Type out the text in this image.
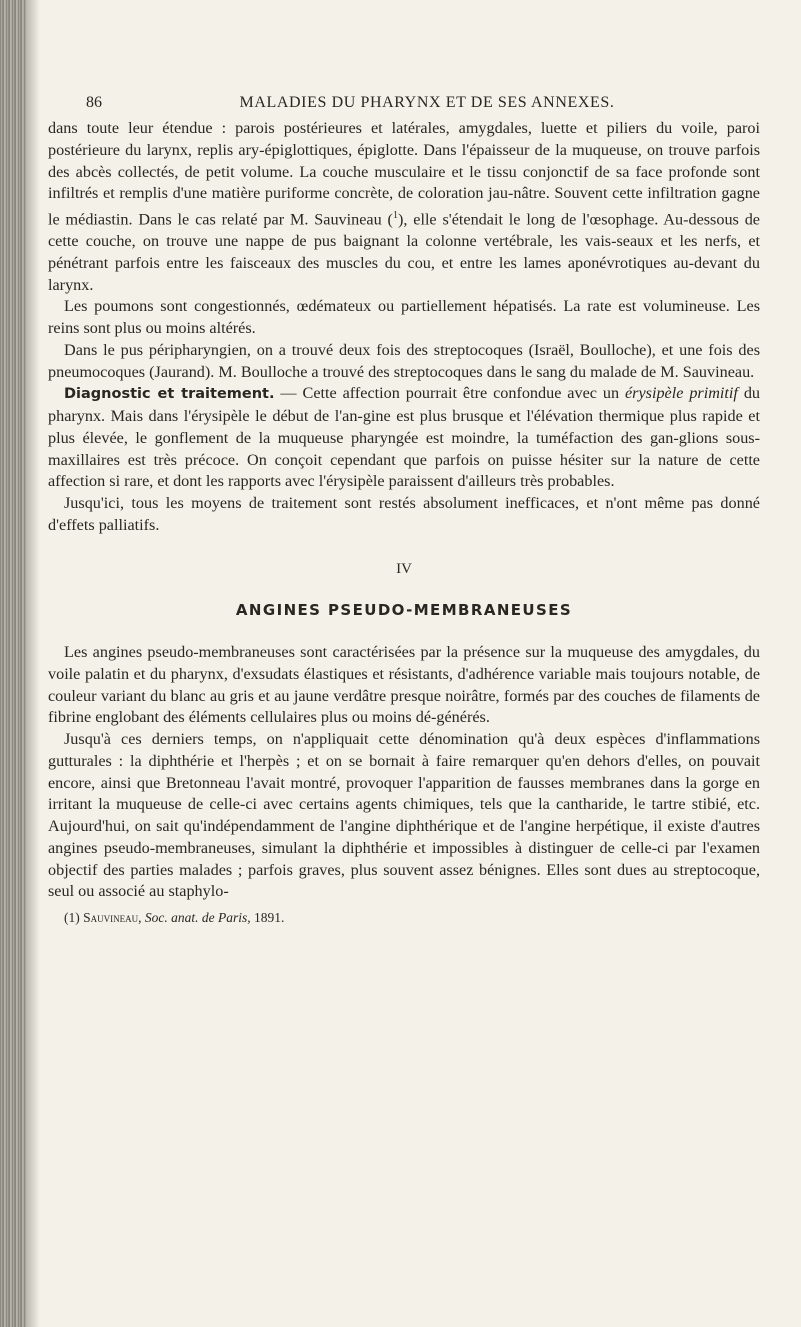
86	MALADIES DU PHARYNX ET DE SES ANNEXES.

dans toute leur étendue : parois postérieures et latérales, amygdales, luette et piliers du voile, paroi postérieure du larynx, replis ary-épiglottiques, épiglotte. Dans l'épaisseur de la muqueuse, on trouve parfois des abcès collectés, de petit volume. La couche musculaire et le tissu conjonctif de sa face profonde sont infiltrés et remplis d'une matière puriforme concrète, de coloration jau-nâtre. Souvent cette infiltration gagne le médiastin. Dans le cas relaté par M. Sauvineau ($^1$), elle s'étendait le long de l'œsophage. Au-dessous de cette couche, on trouve une nappe de pus baignant la colonne vertébrale, les vais-seaux et les nerfs, et pénétrant parfois entre les faisceaux des muscles du cou, et entre les lames aponévrotiques au-devant du larynx.

Les poumons sont congestionnés, œdémateux ou partiellement hépatisés. La rate est volumineuse. Les reins sont plus ou moins altérés.

Dans le pus péripharyngien, on a trouvé deux fois des streptocoques (Israël, Boulloche), et une fois des pneumocoques (Jaurand). M. Boulloche a trouvé des streptocoques dans le sang du malade de M. Sauvineau.

Diagnostic et traitement. — Cette affection pourrait être confondue avec un érysipèle primitif du pharynx. Mais dans l'érysipèle le début de l'an-gine est plus brusque et l'élévation thermique plus rapide et plus élevée, le gonflement de la muqueuse pharyngée est moindre, la tuméfaction des gan-glions sous-maxillaires est très précoce. On conçoit cependant que parfois on puisse hésiter sur la nature de cette affection si rare, et dont les rapports avec l'érysipèle paraissent d'ailleurs très probables.

Jusqu'ici, tous les moyens de traitement sont restés absolument inefficaces, et n'ont même pas donné d'effets palliatifs.

IV

ANGINES PSEUDO-MEMBRANEUSES

Les angines pseudo-membraneuses sont caractérisées par la présence sur la muqueuse des amygdales, du voile palatin et du pharynx, d'exsudats élastiques et résistants, d'adhérence variable mais toujours notable, de couleur variant du blanc au gris et au jaune verdâtre presque noirâtre, formés par des couches de filaments de fibrine englobant des éléments cellulaires plus ou moins dé-générés.

Jusqu'à ces derniers temps, on n'appliquait cette dénomination qu'à deux espèces d'inflammations gutturales : la diphthérie et l'herpès ; et on se bornait à faire remarquer qu'en dehors d'elles, on pouvait encore, ainsi que Bretonneau l'avait montré, provoquer l'apparition de fausses membranes dans la gorge en irritant la muqueuse de celle-ci avec certains agents chimiques, tels que la cantharide, le tartre stibié, etc. Aujourd'hui, on sait qu'indépendamment de l'angine diphthérique et de l'angine herpétique, il existe d'autres angines pseudo-membraneuses, simulant la diphthérie et impossibles à distinguer de celle-ci par l'examen objectif des parties malades ; parfois graves, plus souvent assez bénignes. Elles sont dues au streptocoque, seul ou associé au staphylo-

(1) Sauvineau, Soc. anat. de Paris, 1891.
